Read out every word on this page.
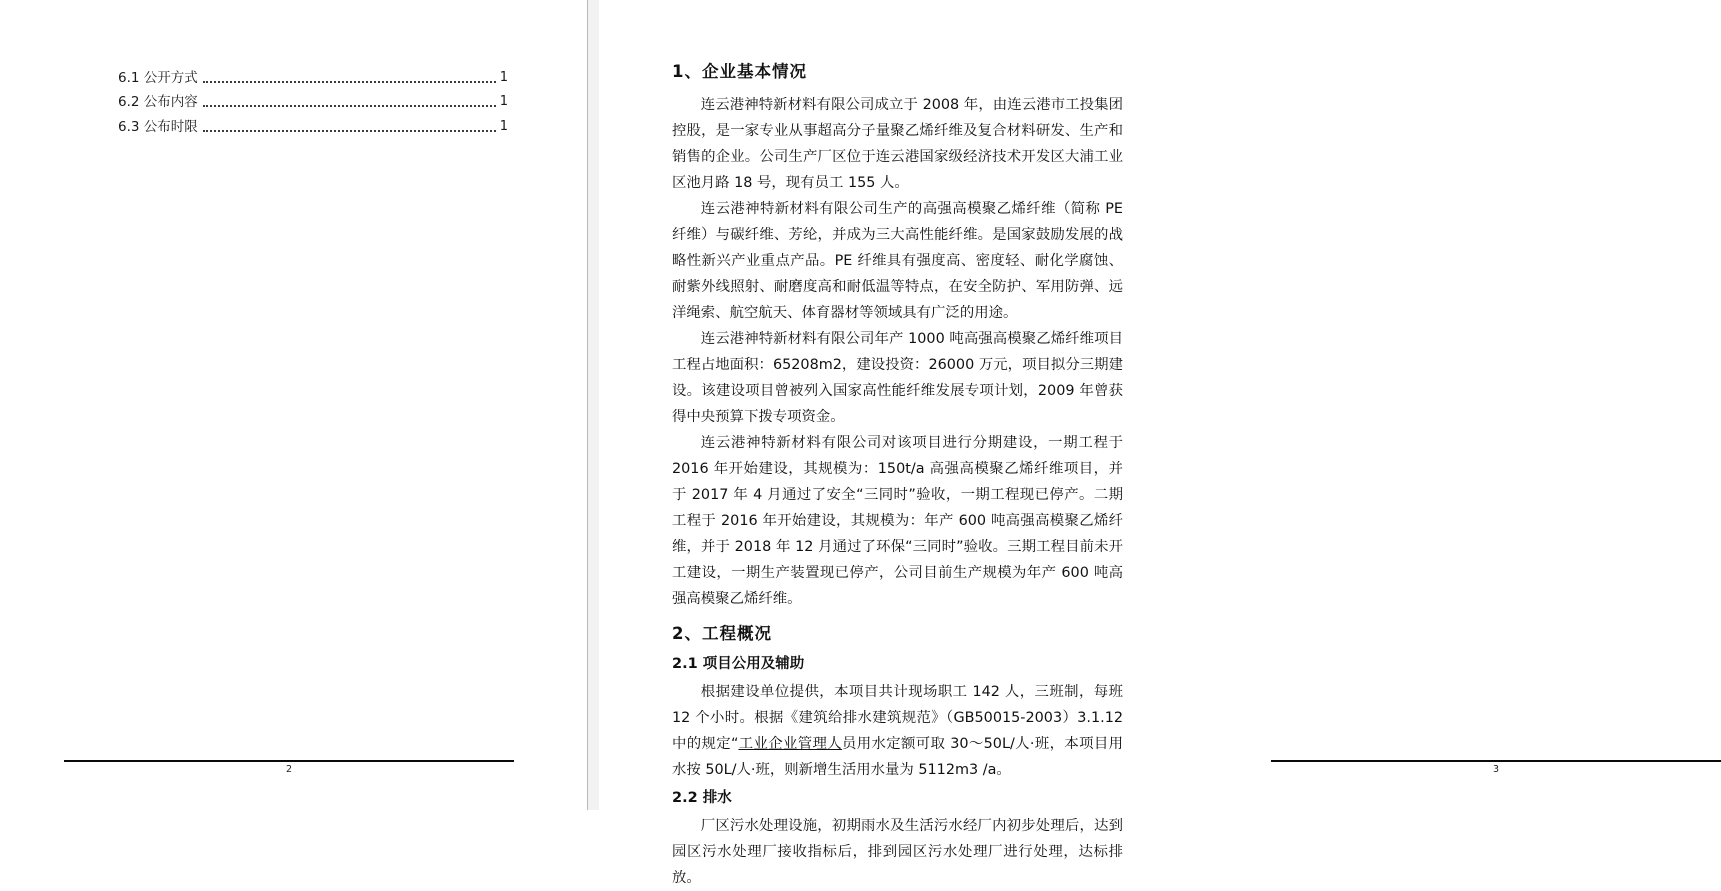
6.1 公开方式	1
6.2 公布内容	1
6.3 公布时限	1
2
1、企业基本情况

连云港神特新材料有限公司成立于 2008 年，由连云港市工投集团控股，是一家专业从事超高分子量聚乙烯纤维及复合材料研发、生产和销售的企业。公司生产厂区位于连云港国家级经济技术开发区大浦工业区池月路 18 号，现有员工 155 人。

连云港神特新材料有限公司生产的高强高模聚乙烯纤维（简称 PE 纤维）与碳纤维、芳纶，并成为三大高性能纤维。是国家鼓励发展的战略性新兴产业重点产品。PE 纤维具有强度高、密度轻、耐化学腐蚀、耐紫外线照射、耐磨度高和耐低温等特点，在安全防护、军用防弹、远洋绳索、航空航天、体育器材等领域具有广泛的用途。

连云港神特新材料有限公司年产 1000 吨高强高模聚乙烯纤维项目工程占地面积：65208m2，建设投资：26000 万元，项目拟分三期建设。该建设项目曾被列入国家高性能纤维发展专项计划，2009 年曾获得中央预算下拨专项资金。

连云港神特新材料有限公司对该项目进行分期建设，一期工程于 2016 年开始建设，其规模为：150t/a 高强高模聚乙烯纤维项目，并于 2017 年 4 月通过了安全“三同时”验收，一期工程现已停产。二期工程于 2016 年开始建设，其规模为：年产 600 吨高强高模聚乙烯纤维，并于 2018 年 12 月通过了环保“三同时”验收。三期工程目前未开工建设，一期生产装置现已停产，公司目前生产规模为年产 600 吨高强高模聚乙烯纤维。

2、工程概况
2.1 项目公用及辅助

根据建设单位提供，本项目共计现场职工 142 人，三班制，每班 12 个小时。根据《建筑给排水建筑规范》（GB50015-2003）3.1.12 中的规定“工业企业管理人员用水定额可取 30～50L/人·班，本项目用水按 50L/人·班，则新增生活用水量为 5112m3 /a。

2.2 排水

厂区污水处理设施，初期雨水及生活污水经厂内初步处理后，达到园区污水处理厂接收指标后，排到园区污水处理厂进行处理，达标排放。

3
